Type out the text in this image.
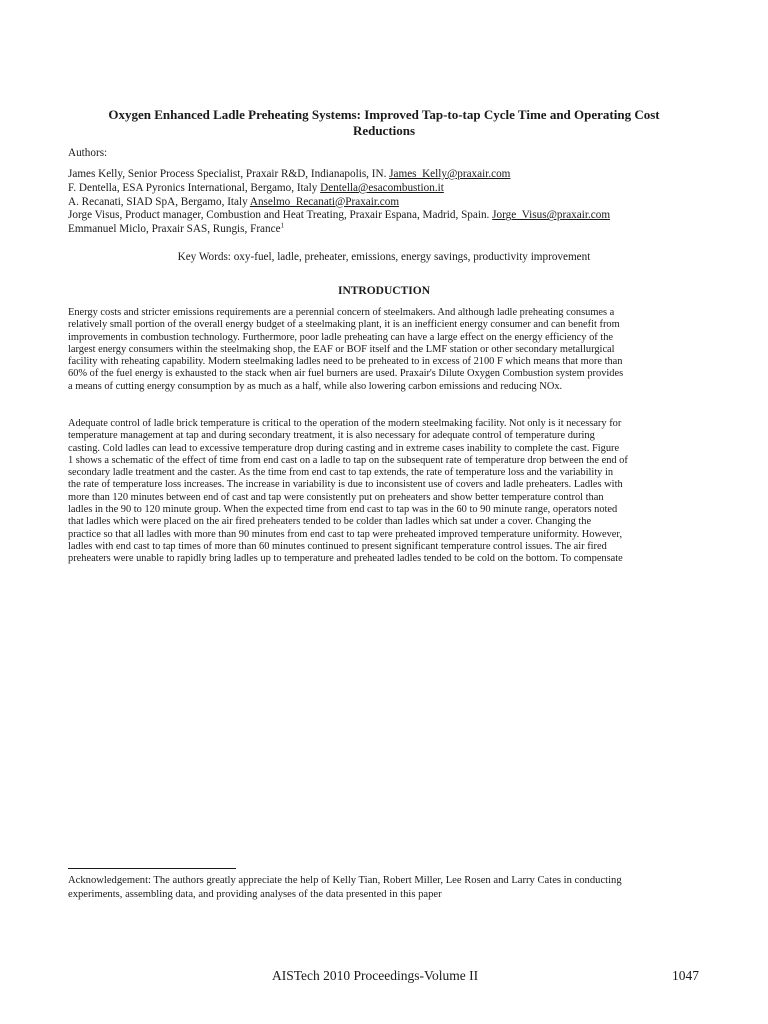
Oxygen Enhanced Ladle Preheating Systems: Improved Tap-to-tap Cycle Time and Operating Cost
Reductions
Authors:
James Kelly, Senior Process Specialist, Praxair R&D, Indianapolis, IN. James_Kelly@praxair.com
F. Dentella, ESA Pyronics International, Bergamo, Italy Dentella@esacombustion.it
A. Recanati, SIAD SpA, Bergamo, Italy Anselmo_Recanati@Praxair.com
Jorge Visus, Product manager, Combustion and Heat Treating, Praxair Espana, Madrid, Spain. Jorge_Visus@praxair.com
Emmanuel Miclo, Praxair SAS, Rungis, France$^1$
Key Words: oxy-fuel, ladle, preheater, emissions, energy savings, productivity improvement
INTRODUCTION

Energy costs and stricter emissions requirements are a perennial concern of steelmakers. And although ladle preheating consumes a
relatively small portion of the overall energy budget of a steelmaking plant, it is an inefficient energy consumer and can benefit from
improvements in combustion technology. Furthermore, poor ladle preheating can have a large effect on the energy efficiency of the
largest energy consumers within the steelmaking shop, the EAF or BOF itself and the LMF station or other secondary metallurgical
facility with reheating capability. Modern steelmaking ladles need to be preheated to in excess of 2100 F which means that more than
60% of the fuel energy is exhausted to the stack when air fuel burners are used. Praxair's Dilute Oxygen Combustion system provides
a means of cutting energy consumption by as much as a half, while also lowering carbon emissions and reducing NOx.

Adequate control of ladle brick temperature is critical to the operation of the modern steelmaking facility. Not only is it necessary for
temperature management at tap and during secondary treatment, it is also necessary for adequate control of temperature during
casting. Cold ladles can lead to excessive temperature drop during casting and in extreme cases inability to complete the cast. Figure
1 shows a schematic of the effect of time from end cast on a ladle to tap on the subsequent rate of temperature drop between the end of
secondary ladle treatment and the caster. As the time from end cast to tap extends, the rate of temperature loss and the variability in
the rate of temperature loss increases. The increase in variability is due to inconsistent use of covers and ladle preheaters. Ladles with
more than 120 minutes between end of cast and tap were consistently put on preheaters and show better temperature control than
ladles in the 90 to 120 minute group. When the expected time from end cast to tap was in the 60 to 90 minute range, operators noted
that ladles which were placed on the air fired preheaters tended to be colder than ladles which sat under a cover. Changing the
practice so that all ladles with more than 90 minutes from end cast to tap were preheated improved temperature uniformity. However,
ladles with end cast to tap times of more than 60 minutes continued to present significant temperature control issues. The air fired
preheaters were unable to rapidly bring ladles up to temperature and preheated ladles tended to be cold on the bottom. To compensate

Acknowledgement: The authors greatly appreciate the help of Kelly Tian, Robert Miller, Lee Rosen and Larry Cates in conducting
experiments, assembling data, and providing analyses of the data presented in this paper
AISTech 2010 Proceedings-Volume II	1047
